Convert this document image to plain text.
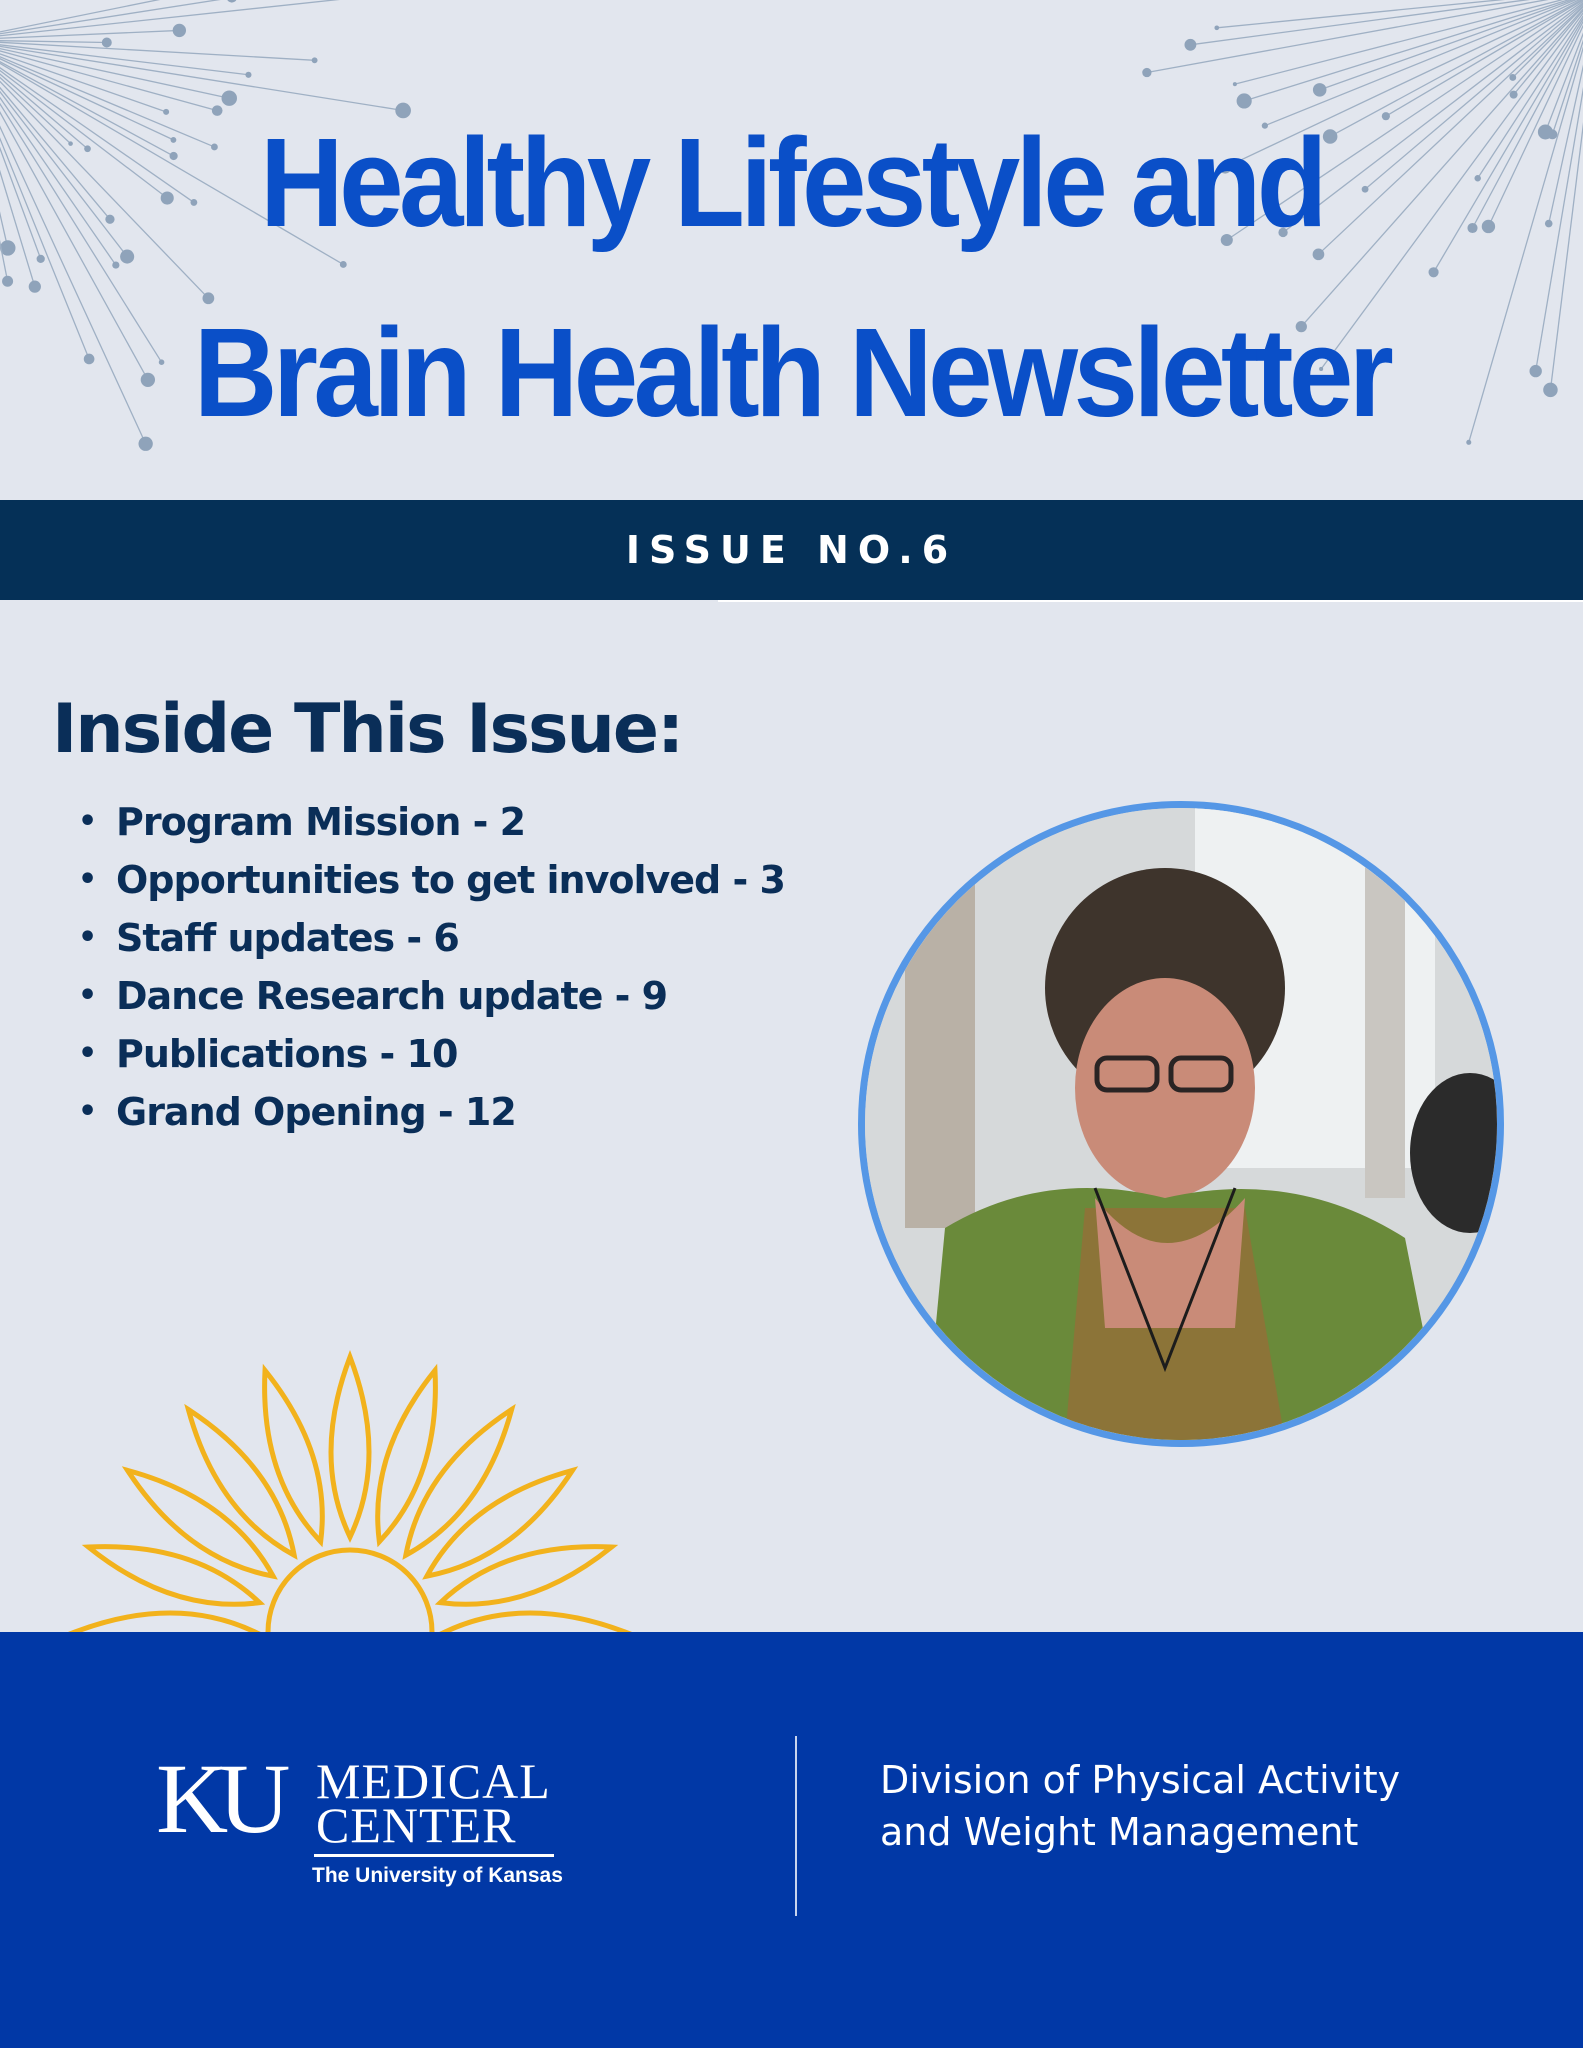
Healthy Lifestyle and
Brain Health Newsletter
ISSUE NO.6
Inside This Issue:
• Program Mission - 2
• Opportunities to get involved - 3
• Staff updates - 6
• Dance Research update - 9
• Publications - 10
• Grand Opening - 12
KU MEDICAL
CENTER
The University of Kansas
Division of Physical Activity
and Weight Management
